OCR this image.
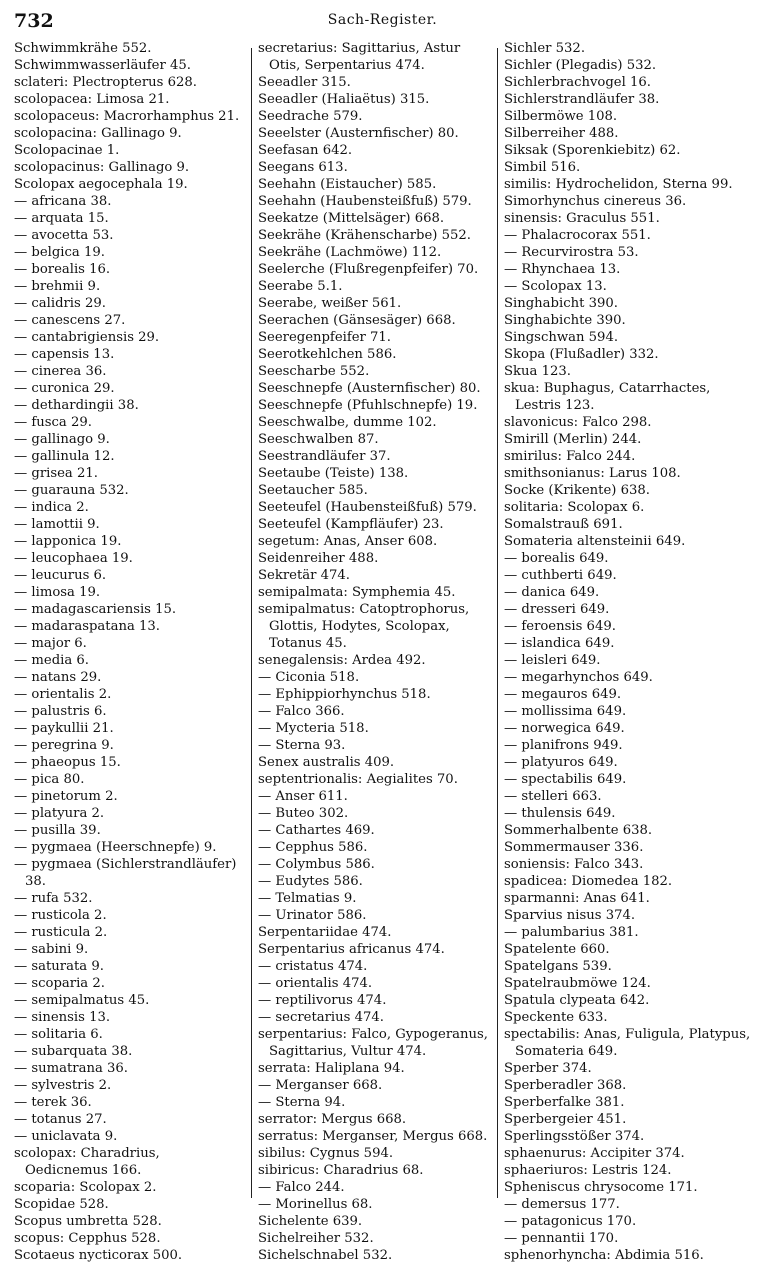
732	Sach-Register.
Schwimmkrähe 552.
Schwimmwasserläufer 45.
sclateri: Plectropterus 628.
scolopacea: Limosa 21.
scolopaceus: Macrorhamphus 21.
scolopacina: Gallinago 9.
Scolopacinae 1.
scolopacinus: Gallinago 9.
Scolopax aegocephala 19.
— africana 38.
— arquata 15.
— avocetta 53.
— belgica 19.
— borealis 16.
— brehmii 9.
— calidris 29.
— canescens 27.
— cantabrigiensis 29.
— capensis 13.
— cinerea 36.
— curonica 29.
— dethardingii 38.
— fusca 29.
— gallinago 9.
— gallinula 12.
— grisea 21.
— guarauna 532.
— indica 2.
— lamottii 9.
— lapponica 19.
— leucophaea 19.
— leucurus 6.
— limosa 19.
— madagascariensis 15.
— madaraspatana 13.
— major 6.
— media 6.
— natans 29.
— orientalis 2.
— palustris 6.
— paykullii 21.
— peregrina 9.
— phaeopus 15.
— pica 80.
— pinetorum 2.
— platyura 2.
— pusilla 39.
— pygmaea (Heerschnepfe) 9.
— pygmaea (Sichlerstrandläufer) 38.
— rufa 532.
— rusticola 2.
— rusticula 2.
— sabini 9.
— saturata 9.
— scoparia 2.
— semipalmatus 45.
— sinensis 13.
— solitaria 6.
— subarquata 38.
— sumatrana 36.
— sylvestris 2.
— terek 36.
— totanus 27.
— uniclavata 9.
scolopax: Charadrius, Oedicnemus 166.
scoparia: Scolopax 2.
Scopidae 528.
Scopus umbretta 528.
scopus: Cepphus 528.
Scotaeus nycticorax 500.
secretarius: Sagittarius, Astur Otis, Serpentarius 474.
Seeadler 315.
Seeadler (Haliaëtus) 315.
Seedrache 579.
Seeelster (Austernfischer) 80.
Seefasan 642.
Seegans 613.
Seehahn (Eistaucher) 585.
Seehahn (Haubensteißfuß) 579.
Seekatze (Mittelsäger) 668.
Seekrähe (Krähenscharbe) 552.
Seekrähe (Lachmöwe) 112.
Seelerche (Flußregenpfeifer) 70.
Seerabe 5.1.
Seerabe, weißer 561.
Seerachen (Gänsesäger) 668.
Seeregenpfeifer 71.
Seerotkehlchen 586.
Seescharbe 552.
Seeschnepfe (Austernfischer) 80.
Seeschnepfe (Pfuhlschnepfe) 19.
Seeschwalbe, dumme 102.
Seeschwalben 87.
Seestrandläufer 37.
Seetaube (Teiste) 138.
Seetaucher 585.
Seeteufel (Haubensteißfuß) 579.
Seeteufel (Kampfläufer) 23.
segetum: Anas, Anser 608.
Seidenreiher 488.
Sekretär 474.
semipalmata: Symphemia 45.
semipalmatus: Catoptrophorus, Glottis, Hodytes, Scolopax, Totanus 45.
senegalensis: Ardea 492.
— Ciconia 518.
— Ephippiorhynchus 518.
— Falco 366.
— Mycteria 518.
— Sterna 93.
Senex australis 409.
septentrionalis: Aegialites 70.
— Anser 611.
— Buteo 302.
— Cathartes 469.
— Cepphus 586.
— Colymbus 586.
— Eudytes 586.
— Telmatias 9.
— Urinator 586.
Serpentariidae 474.
Serpentarius africanus 474.
— cristatus 474.
— orientalis 474.
— reptilivorus 474.
— secretarius 474.
serpentarius: Falco, Gypogeranus, Sagittarius, Vultur 474.
serrata: Haliplana 94.
— Merganser 668.
— Sterna 94.
serrator: Mergus 668.
serratus: Merganser, Mergus 668.
sibilus: Cygnus 594.
sibiricus: Charadrius 68.
— Falco 244.
— Morinellus 68.
Sichelente 639.
Sichelreiher 532.
Sichelschnabel 532.
Sichler 532.
Sichler (Plegadis) 532.
Sichlerbrachvogel 16.
Sichlerstrandläufer 38.
Silbermöwe 108.
Silberreiher 488.
Siksak (Sporenkiebitz) 62.
Simbil 516.
similis: Hydrochelidon, Sterna 99.
Simorhynchus cinereus 36.
sinensis: Graculus 551.
— Phalacrocorax 551.
— Recurvirostra 53.
— Rhynchaea 13.
— Scolopax 13.
Singhabicht 390.
Singhabichte 390.
Singschwan 594.
Skopa (Flußadler) 332.
Skua 123.
skua: Buphagus, Catarrhactes, Lestris 123.
slavonicus: Falco 298.
Smirill (Merlin) 244.
smirilus: Falco 244.
smithsonianus: Larus 108.
Socke (Krikente) 638.
solitaria: Scolopax 6.
Somalstrauß 691.
Somateria altensteinii 649.
— borealis 649.
— cuthberti 649.
— danica 649.
— dresseri 649.
— feroensis 649.
— islandica 649.
— leisleri 649.
— megarhynchos 649.
— megauros 649.
— mollissima 649.
— norwegica 649.
— planifrons 949.
— platyuros 649.
— spectabilis 649.
— stelleri 663.
— thulensis 649.
Sommerhalbente 638.
Sommermauser 336.
soniensis: Falco 343.
spadicea: Diomedea 182.
sparmanni: Anas 641.
Sparvius nisus 374.
— palumbarius 381.
Spatelente 660.
Spatelgans 539.
Spatelraubmöwe 124.
Spatula clypeata 642.
Speckente 633.
spectabilis: Anas, Fuligula, Platypus, Somateria 649.
Sperber 374.
Sperberadler 368.
Sperberfalke 381.
Sperbergeier 451.
Sperlingsstößer 374.
sphaenurus: Accipiter 374.
sphaeriuros: Lestris 124.
Spheniscus chrysocome 171.
— demersus 177.
— patagonicus 170.
— pennantii 170.
sphenorhyncha: Abdimia 516.
